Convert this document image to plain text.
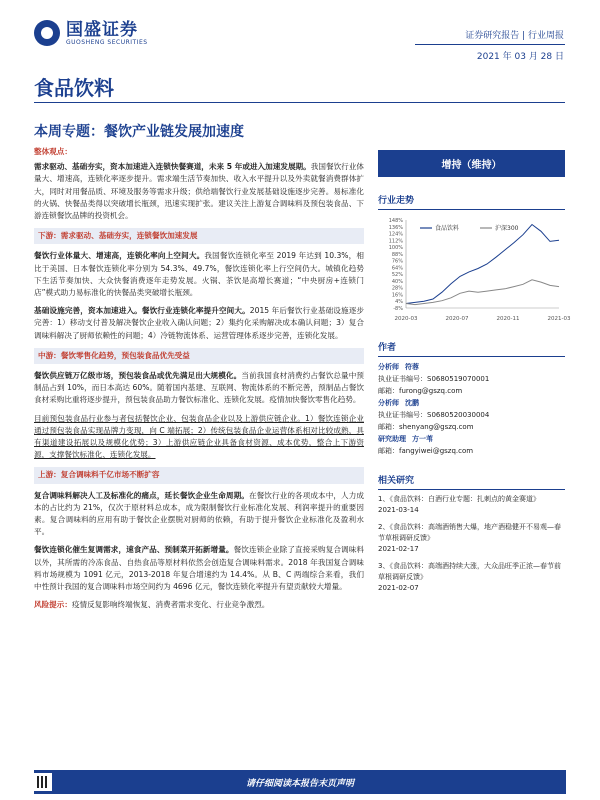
国盛证券
GUOSHENG SECURITIES
证券研究报告 | 行业周报
2021 年 03 月 28 日
食品饮料
本周专题：餐饮产业链发展加速度
整体观点：

需求驱动、基础夯实，资本加速进入连锁快餐赛道，未来 5 年或进入加速发展期。我国餐饮行业体量大、增速高，连锁化率逐步提升。需求端生活节奏加快、收入水平提升以及外卖就餐消费群体扩大，同时对用餐品质、环境及服务等需求升级；供给端餐饮行业发展基础设施逐步完善。易标准化的火锅、快餐品类得以突破增长瓶颈，迅速实现扩张。建议关注上游复合调味料及预包装食品、下游连锁餐饮品牌的投资机会。

下游：需求驱动、基础夯实，连锁餐饮加速发展

餐饮行业体量大、增速高，连锁化率向上空间大。我国餐饮连锁化率至 2019 年达到 10.3%，相比于美国、日本餐饮连锁化率分别为 54.3%、49.7%，餐饮连锁化率上行空间仍大。城镇化趋势下生活节奏加快、大众快餐消费逐年走势发展。火锅、茶饮是高增长赛道；“中央厨房+连锁门店”模式助力易标准化的快餐品类突破增长瓶颈。

基础设施完善，资本加速进入。餐饮行业连锁化率提升空间大。2015 年后餐饮行业基础设施逐步完善：1）移动支付普及解决餐饮企业收入确认问题；2）集约化采购解决成本确认问题；3）复合调味料解决了厨师依赖性的问题；4）冷链物流体系、运营管理体系逐步完善，连锁化发展。

中游：餐饮零售化趋势，预包装食品优先受益

餐饮供应链万亿级市场，预包装食品或优先满足出大规模化。当前我国食材消费约占餐饮总量中预制品占到 10%，而日本高达 60%。随着国内基建、互联网、物流体系的不断完善，预制品占餐饮食材采购比重将逐步提升，预包装食品助力餐饮标准化、连锁化发展。疫情加快餐饮零售化趋势。

目前预包装食品行业参与者包括餐饮企业、包装食品企业以及上游供应链企业。1）餐饮连锁企业通过预包装食品实现品牌力变现，向 C 端拓展；2）传统包装食品企业运营体系相对比较成熟，具有渠道建设拓展以及规模化优势；3）上游供应链企业具备食材资源、成本优势，整合上下游资源，支撑餐饮标准化、连锁化发展。

上游：复合调味料千亿市场不断扩容

复合调味料解决人工及标准化的痛点，延长餐饮企业生命周期。在餐饮行业的各项成本中，人力成本的占比约为 21%，仅次于原材料总成本，成为限制餐饮行业标准化发展、利润率提升的重要因素。复合调味料的应用有助于餐饮企业摆脱对厨师的依赖，有助于提升餐饮企业标准化及盈利水平。

餐饮连锁化催生复调需求，速食产品、预制菜开拓新增量。餐饮连锁企业除了直接采购复合调味料以外，其所需的冷冻食品、自热食品等原材料依然会创造复合调味料需求。2018 年我国复合调味料市场规模为 1091 亿元，2013-2018 年复合增速约为 14.4%。从 B、C 两端综合来看，我们中性预计我国的复合调味料市场空间约为 4696 亿元，餐饮连锁化率提升有望贡献较大增量。

风险提示：疫情反复影响终端恢复、消费者需求变化、行业竞争激烈。

增持（维持）
行业走势
-8%
4%
16%
28%
40%
52%
64%
76%
88%
100%
112%
124%
136%
148%
2020-03	2020-07	2020-11	2021-03
食品饮料	沪深300
作者
分析师 符蓉
执业证书编号：S0680519070001
邮箱：furong@gszq.com
分析师 沈鹏
执业证书编号：S0680520030004
邮箱：shenyang@gszq.com
研究助理 方一苇
邮箱：fangyiwei@gszq.com
相关研究
1、《食品饮料：白酒行业专题：扎刺点的黄金赛道》
2021-03-14
2、《食品饮料：高端酒销售大爆，地产酒稳健开不易观—春节草根调研反馈》
2021-02-17
3、《食品饮料：高端酒持续大涨，大众品旺季正浓—春节前草根调研反馈》
2021-02-07
请仔细阅读本报告末页声明
